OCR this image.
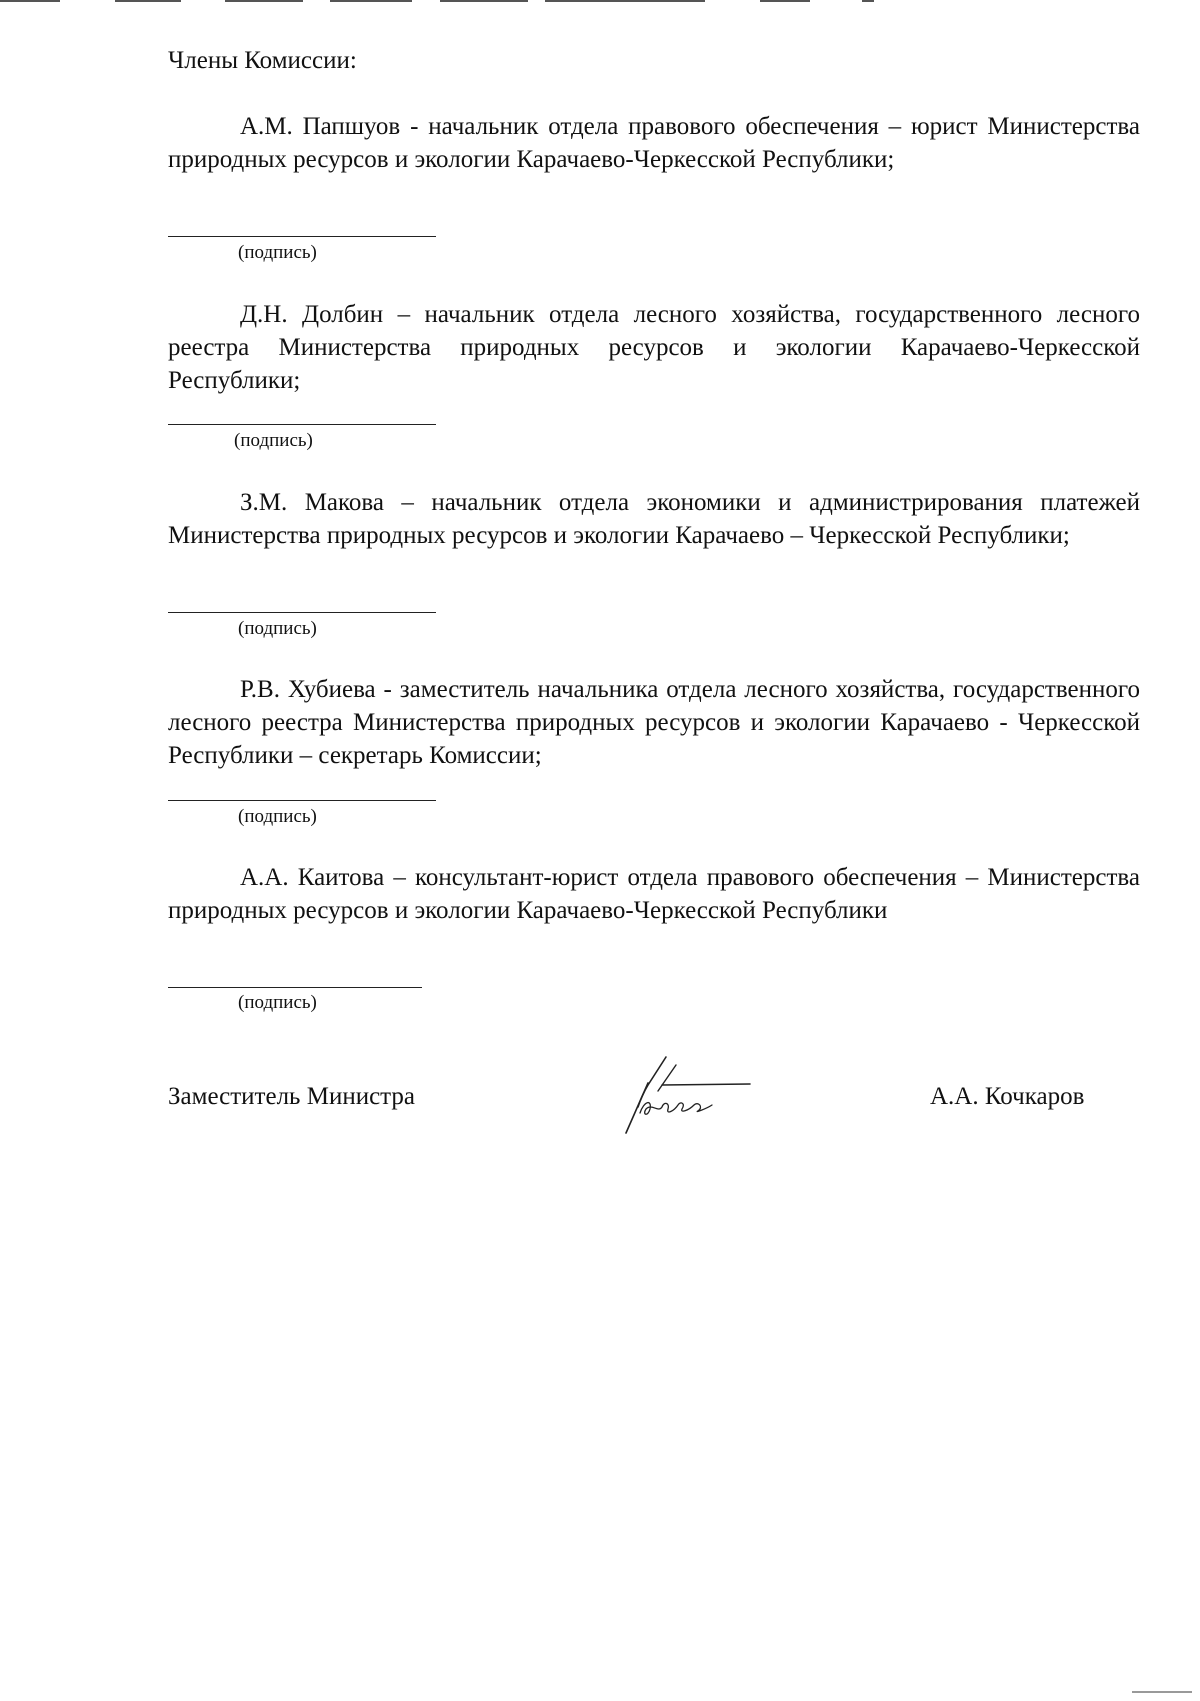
Члены Комиссии:

А.М. Папшуов - начальник отдела правового обеспечения – юрист Министерства природных ресурсов и экологии Карачаево-Черкесской Республики;

(подпись)

Д.Н. Долбин – начальник отдела лесного хозяйства, государственного лесного реестра Министерства природных ресурсов и экологии Карачаево-Черкесской Республики;

(подпись)

З.М. Макова – начальник отдела экономики и администрирования платежей Министерства природных ресурсов и экологии Карачаево – Черкесской Республики;

(подпись)

Р.В. Хубиева - заместитель начальника отдела лесного хозяйства, государственного лесного реестра Министерства природных ресурсов и экологии Карачаево - Черкесской Республики – секретарь Комиссии;

(подпись)

А.А. Каитова – консультант-юрист отдела правового обеспечения – Министерства природных ресурсов и экологии Карачаево-Черкесской Республики

(подпись)
Заместитель Министра	А.А. Кочкаров
